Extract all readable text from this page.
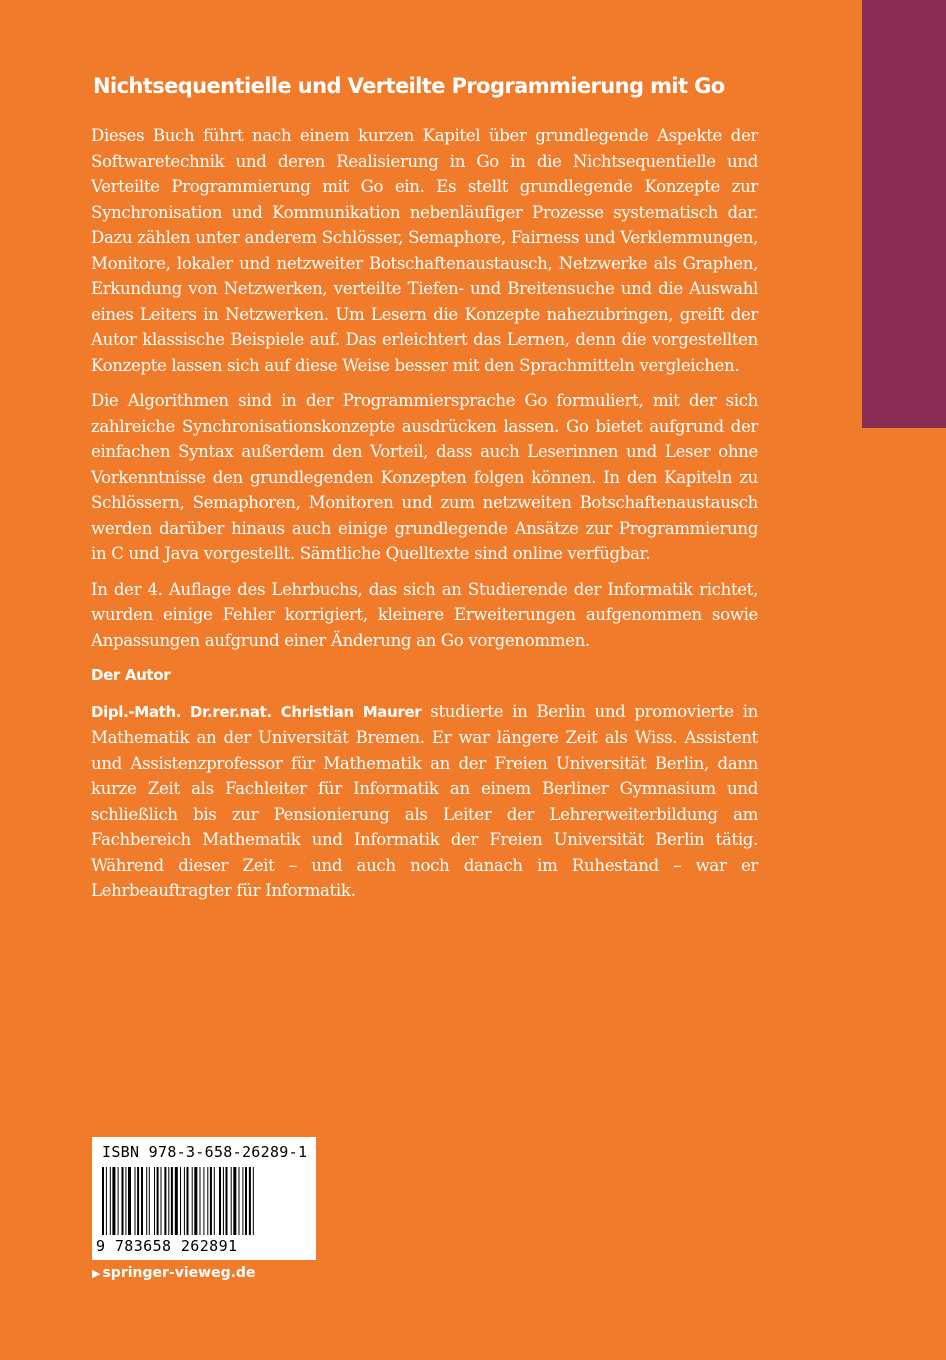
Nichtsequentielle und Verteilte Programmierung mit Go

Dieses Buch führt nach einem kurzen Kapitel über grundlegende Aspekte der Softwaretechnik und deren Realisierung in Go in die Nichtsequentielle und Verteilte Programmierung mit Go ein. Es stellt grundlegende Konzepte zur Synchronisation und Kommunikation nebenläufiger Prozesse systematisch dar. Dazu zählen unter anderem Schlösser, Semaphore, Fairness und Verklemmungen, Monitore, lokaler und netzweiter Botschaftenaustausch, Netzwerke als Graphen, Erkundung von Netzwerken, verteilte Tiefen- und Breitensuche und die Auswahl eines Leiters in Netzwerken. Um Lesern die Konzepte nahezubringen, greift der Autor klassische Beispiele auf. Das erleichtert das Lernen, denn die vorgestellten Konzepte lassen sich auf diese Weise besser mit den Sprachmitteln vergleichen.

Die Algorithmen sind in der Programmiersprache Go formuliert, mit der sich zahlreiche Synchronisationskonzepte ausdrücken lassen. Go bietet aufgrund der einfachen Syntax außerdem den Vorteil, dass auch Leserinnen und Leser ohne Vorkenntnisse den grundlegenden Konzepten folgen können. In den Kapiteln zu Schlössern, Semaphoren, Monitoren und zum netzweiten Botschaftenaustausch werden darüber hinaus auch einige grundlegende Ansätze zur Programmierung in C und Java vorgestellt. Sämtliche Quelltexte sind online verfügbar.

In der 4. Auflage des Lehrbuchs, das sich an Studierende der Informatik richtet, wurden einige Fehler korrigiert, kleinere Erweiterungen aufgenommen sowie Anpassungen aufgrund einer Änderung an Go vorgenommen.

Der Autor

Dipl.-Math. Dr.rer.nat. Christian Maurer studierte in Berlin und promovierte in Mathematik an der Universität Bremen. Er war längere Zeit als Wiss. Assistent und Assistenzprofessor für Mathematik an der Freien Universität Berlin, dann kurze Zeit als Fachleiter für Informatik an einem Berliner Gymnasium und schließlich bis zur Pensionierung als Leiter der Lehrerweiterbildung am Fachbereich Mathematik und Informatik der Freien Universität Berlin tätig. Während dieser Zeit – und auch noch danach im Ruhestand – war er Lehrbeauftragter für Informatik.

ISBN 978-3-658-26289-1
9 783658 262891
▶ springer-vieweg.de
